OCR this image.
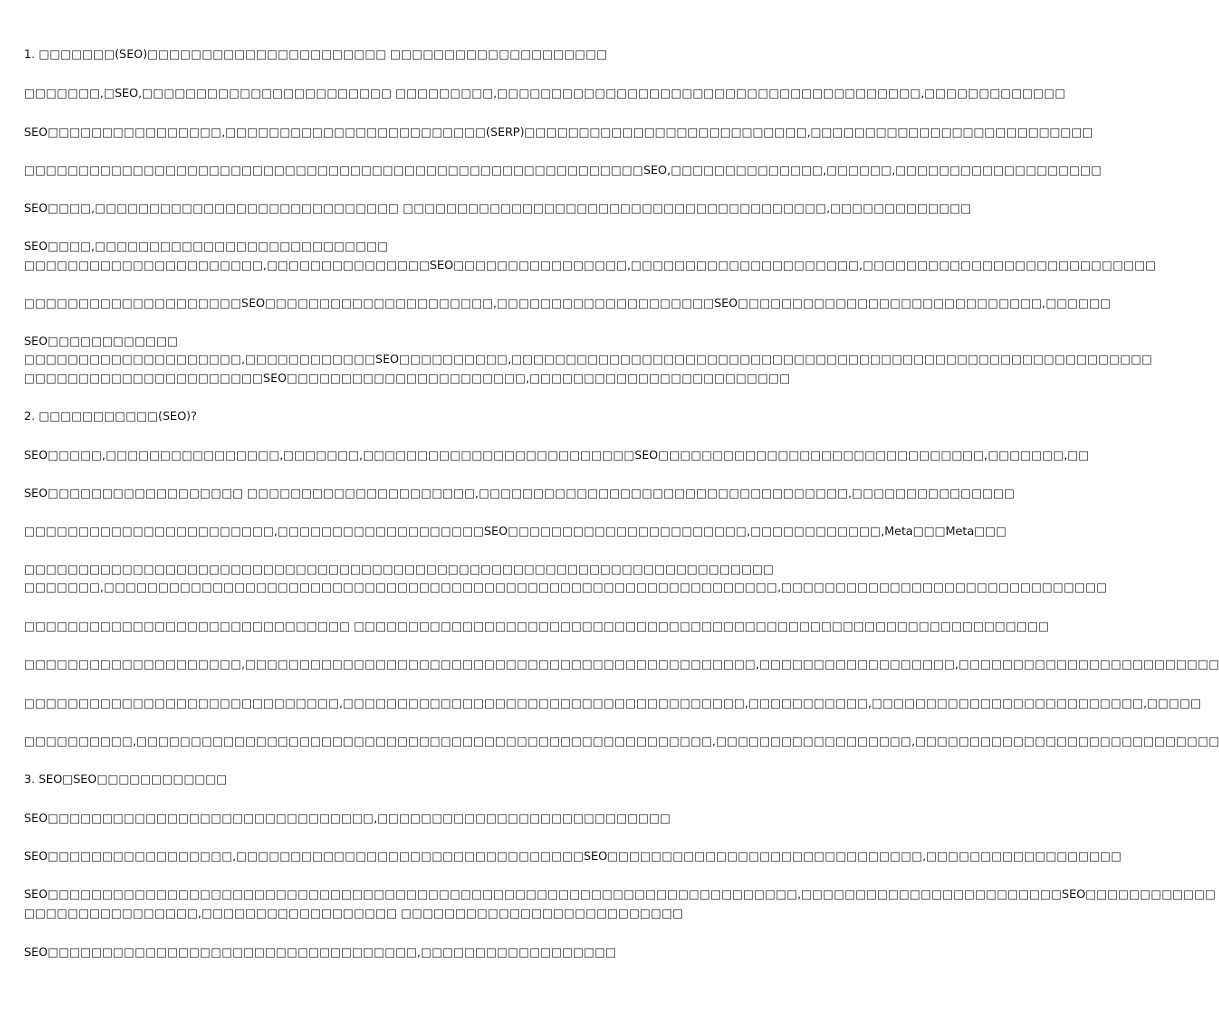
1. □□□□□□□(SEO)□□□□□□□□□□□□□□□□□□□□□□ □□□□□□□□□□□□□□□□□□□□
□□□□□□□,□SEO,□□□□□□□□□□□□□□□□□□□□□□□ □□□□□□□□□,□□□□□□□□□□□□□□□□□□□□□□□□□□□□□□□□□□□□□□□,□□□□□□□□□□□□□
SEO□□□□□□□□□□□□□□□□,□□□□□□□□□□□□□□□□□□□□□□□□(SERP)□□□□□□□□□□□□□□□□□□□□□□□□□□,□□□□□□□□□□□□□□□□□□□□□□□□□□
□□□□□□□□□□□□□□□□□□□□□□□□□□□□□□□□□□□□□□□□□□□□□□□□□□□□□□□□□SEO,□□□□□□□□□□□□□□,□□□□□□,□□□□□□□□□□□□□□□□□□□
SEO□□□□,□□□□□□□□□□□□□□□□□□□□□□□□□□□□ □□□□□□□□□□□□□□□□□□□□□□□□□□□□□□□□□□□□□□□,□□□□□□□□□□□□□
SEO□□□□,□□□□□□□□□□□□□□□□□□□□□□□□□□□
□□□□□□□□□□□□□□□□□□□□□□,□□□□□□□□□□□□□□□SEO□□□□□□□□□□□□□□□□,□□□□□□□□□□□□□□□□□□□□□,□□□□□□□□□□□□□□□□□□□□□□□□□□□
□□□□□□□□□□□□□□□□□□□□SEO□□□□□□□□□□□□□□□□□□□□□,□□□□□□□□□□□□□□□□□□□□SEO□□□□□□□□□□□□□□□□□□□□□□□□□□□□,□□□□□□
SEO□□□□□□□□□□□□
□□□□□□□□□□□□□□□□□□□□,□□□□□□□□□□□□SEO□□□□□□□□□□,□□□□□□□□□□□□□□□□□□□□□□□□□□□□□□□□□□□□□□□□□□□□□□□□□□□□□□□□□□□
□□□□□□□□□□□□□□□□□□□□□□SEO□□□□□□□□□□□□□□□□□□□□□□,□□□□□□□□□□□□□□□□□□□□□□□□
2. □□□□□□□□□□□(SEO)?
SEO□□□□□,□□□□□□□□□□□□□□□□,□□□□□□□,□□□□□□□□□□□□□□□□□□□□□□□□□SEO□□□□□□□□□□□□□□□□□□□□□□□□□□□□□□,□□□□□□□,□□
SEO□□□□□□□□□□□□□□□□□□ □□□□□□□□□□□□□□□□□□□□□,□□□□□□□□□□□□□□□□□□□□□□□□□□□□□□□□□□,□□□□□□□□□□□□□□□
□□□□□□□□□□□□□□□□□□□□□□□,□□□□□□□□□□□□□□□□□□□SEO□□□□□□□□□□□□□□□□□□□□□□,□□□□□□□□□□□□,Meta□□□Meta□□□
□□□□□□□□□□□□□□□□□□□□□□□□□□□□□□□□□□□□□□□□□□□□□□□□□□□□□□□□□□□□□□□□□□□□□
□□□□□□□,□□□□□□□□□□□□□□□□□□□□□□□□□□□□□□□□□□□□□□□□□□□□□□□□□□□□□□□□□□□□□□,□□□□□□□□□□□□□□□□□□□□□□□□□□□□□□
□□□□□□□□□□□□□□□□□□□□□□□□□□□□□□ □□□□□□□□□□□□□□□□□□□□□□□□□□□□□□□□□□□□□□□□□□□□□□□□□□□□□□□□□□□□□□□□
□□□□□□□□□□□□□□□□□□□□,□□□□□□□□□□□□□□□□□□□□□□□□□□□□□□□□□□□□□□□□□□□□□□□,□□□□□□□□□□□□□□□□□□,□□□□□□□□□□□□□□□□□□□□□□□□
□□□□□□□□□□□□□□□□□□□□□□□□□□□□□,□□□□□□□□□□□□□□□□□□□□□□□□□□□□□□□□□□□□□,□□□□□□□□□□□,□□□□□□□□□□□□□□□□□□□□□□□□□,□□□□□
□□□□□□□□□□,□□□□□□□□□□□□□□□□□□□□□□□□□□□□□□□□□□□□□□□□□□□□□□□□□□□□□,□□□□□□□□□□□□□□□□□□,□□□□□□□□□□□□□□□□□□□□□□□□□□□□
3. SEO□SEO□□□□□□□□□□□□
SEO□□□□□□□□□□□□□□□□□□□□□□□□□□□□□□,□□□□□□□□□□□□□□□□□□□□□□□□□□□
SEO□□□□□□□□□□□□□□□□□,□□□□□□□□□□□□□□□□□□□□□□□□□□□□□□□□SEO□□□□□□□□□□□□□□□□□□□□□□□□□□□□□,□□□□□□□□□□□□□□□□□□
SEO□□□□□□□□□□□□□□□□□□□□□□□□□□□□□□□□□□□□□□□□□□□□□□□□□□□□□□□□□□□□□□□□□□□□□,□□□□□□□□□□□□□□□□□□□□□□□□SEO□□□□□□□□□□□□
□□□□□□□□□□□□□□□□,□□□□□□□□□□□□□□□□□□ □□□□□□□□□□□□□□□□□□□□□□□□□□
SEO□□□□□□□□□□□□□□□□□□□□□□□□□□□□□□□□□□,□□□□□□□□□□□□□□□□□□
